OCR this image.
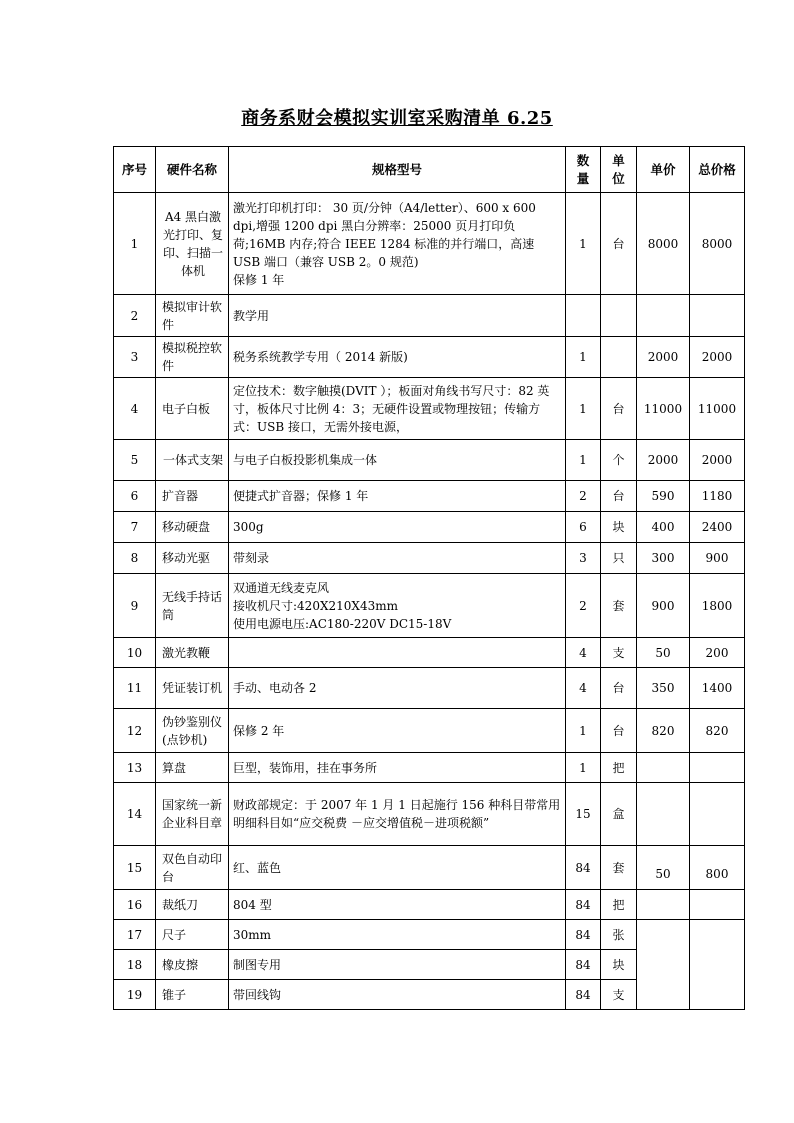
商务系财会模拟实训室采购清单 6.25
序号	硬件名称	规格型号	数量	单位	单价	总价格
1	A4 黑白激光打印、复印、扫描一体机	激光打印机打印： 30 页/分钟（A4/letter）、600 x 600 dpi,增强 1200 dpi 黑白分辨率：25000 页月打印负荷;16MB 内存;符合 IEEE 1284 标准的并行端口，高速 USB 端口（兼容 USB 2。0 规范)
保修 1 年	1	台	8000	8000
2	模拟审计软件	教学用				
3	模拟税控软件	税务系统教学专用（ 2014 新版)	1		2000	2000
4	电子白板	定位技术：数字触摸(DVIT ）；板面对角线书写尺寸：82 英寸，板体尺寸比例 4：3；无硬件设置或物理按钮；传输方式：USB 接口，无需外接电源，	1	台	11000	11000
5	一体式支架	与电子白板投影机集成一体	1	个	2000	2000
6	扩音器	便捷式扩音器；保修 1 年	2	台	590	1180
7	移动硬盘	300g	6	块	400	2400
8	移动光驱	带刻录	3	只	300	900
9	无线手持话筒	双通道无线麦克风
接收机尺寸:420X210X43mm
使用电源电压:AC180-220V DC15-18V	2	套	900	1800
10	激光教鞭		4	支	50	200
11	凭证装订机	手动、电动各 2	4	台	350	1400
12	伪钞鉴别仪(点钞机)	保修 2 年	1	台	820	820
13	算盘	巨型，装饰用，挂在事务所	1	把		
14	国家统一新企业科目章	财政部规定：于 2007 年 1 月 1 日起施行 156 种科目带常用明细科目如“应交税费 －应交增值税－进项税额”	15	盒		
15	双色自动印台	红、蓝色	84	套	50	800
16	裁纸刀	804 型	84	把		
17	尺子	30mm	84	张		
18	橡皮擦	制图专用	84	块		
19	锥子	带回线钩	84	支		
